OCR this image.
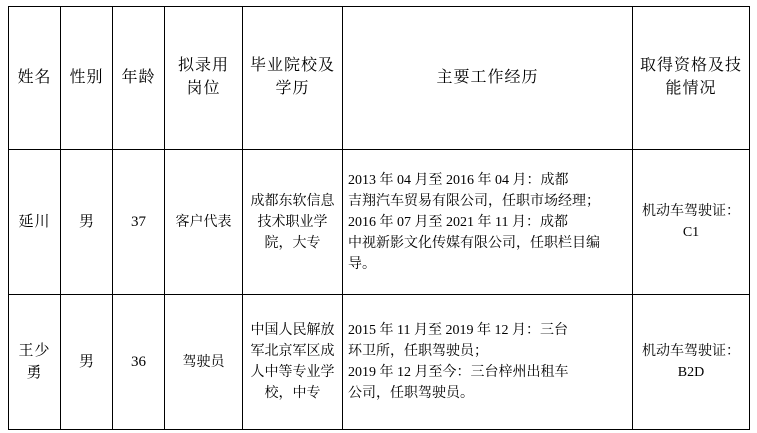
姓名	性别	年龄	拟录用岗位	毕业院校及学历	主要工作经历	取得资格及技能情况
延川	男	37	客户代表	成都东软信息技术职业学院，大专	2013 年 04 月至 2016 年 04 月：成都
吉翔汽车贸易有限公司，任职市场经理；
2016 年 07 月至 2021 年 11 月：成都
中视新影文化传媒有限公司，任职栏目编导。	机动车驾驶证：C1
王少勇	男	36	驾驶员	中国人民解放军北京军区成人中等专业学校，中专	2015 年 11 月至 2019 年 12 月：三台
环卫所，任职驾驶员；
2019 年 12 月至今：三台梓州出租车
公司，任职驾驶员。	机动车驾驶证：B2D
